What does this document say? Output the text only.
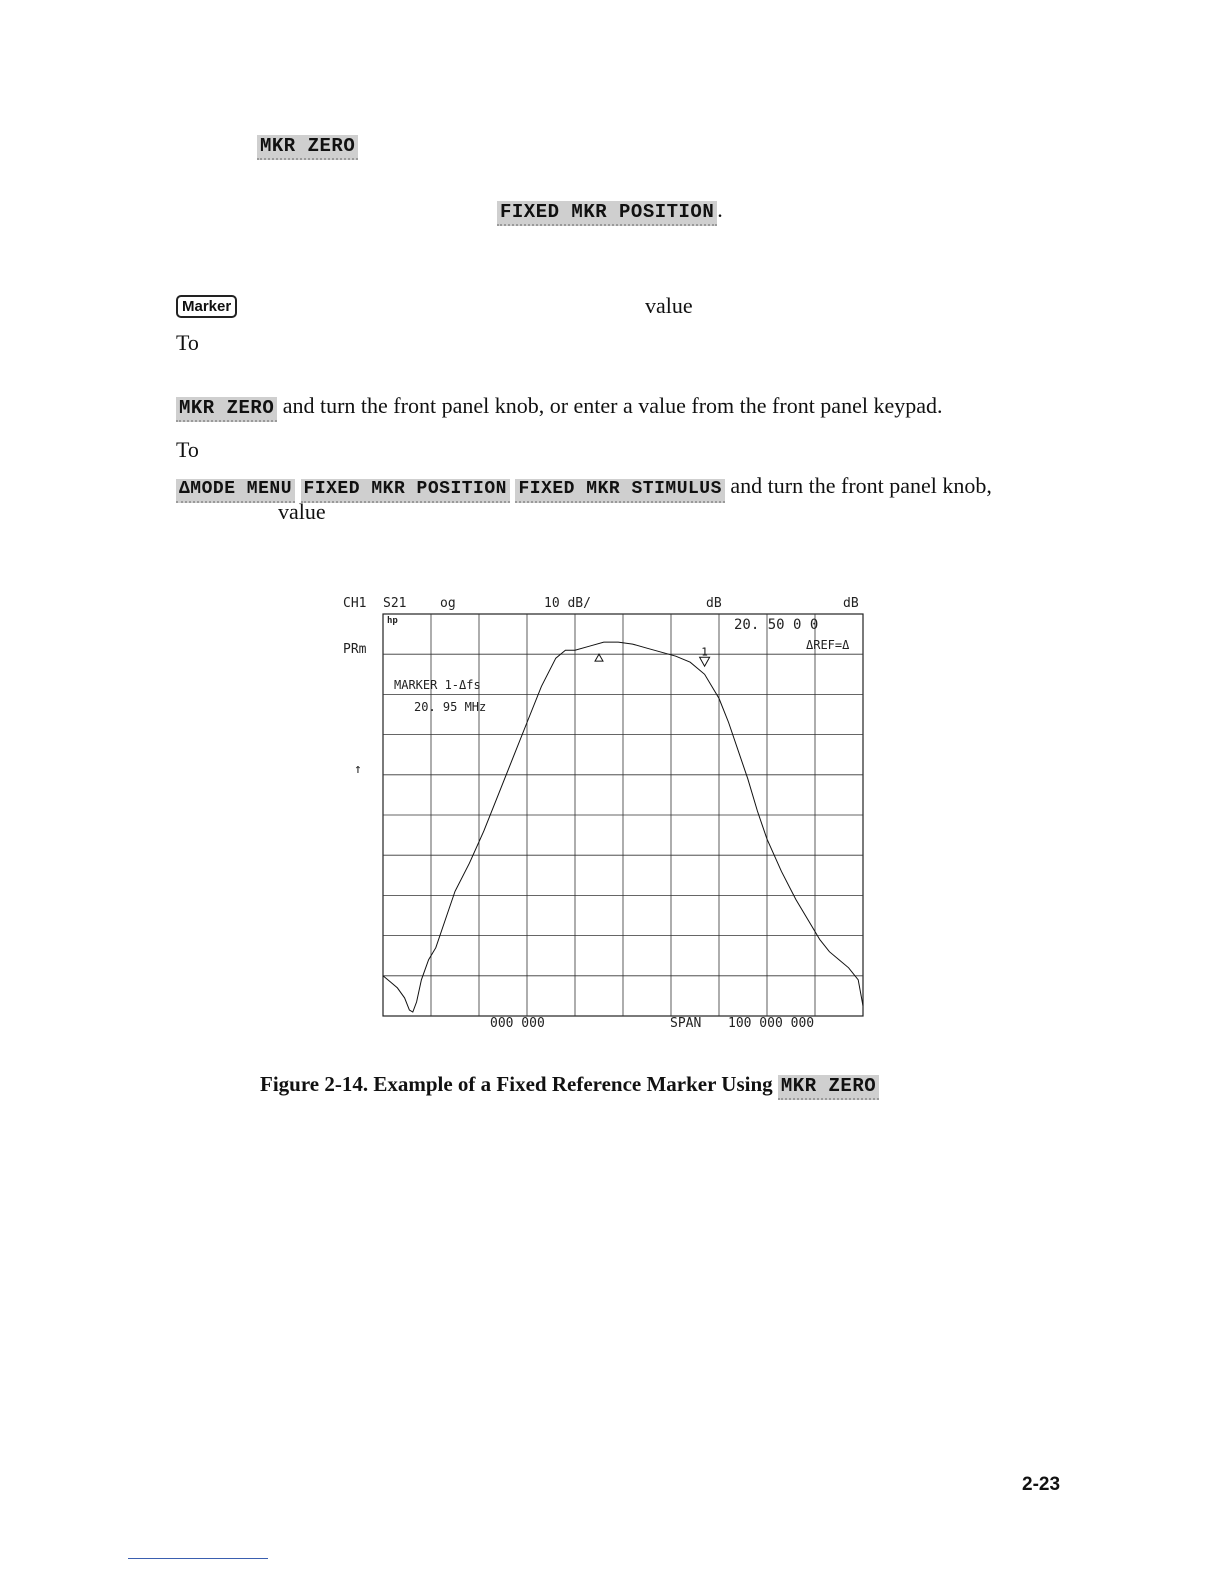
MKR ZERO
FIXED MKR POSITION .
Marker	value
To
MKR ZERO and turn the front panel knob, or enter a value from the front panel keypad.
To
ΔMODE MENU FIXED MKR POSITION FIXED MKR STIMULUS and turn the front panel knob,
value
1
CH1 S21	og	10 dB/	dB	dB
hp	20. 50 0 0
ΔREF=Δ
PRm
MARKER 1-Δfs
20. 95 MHz
↑
000 000	SPAN 100 000 000
Figure 2-14. Example of a Fixed Reference Marker Using MKR ZERO
2-23
